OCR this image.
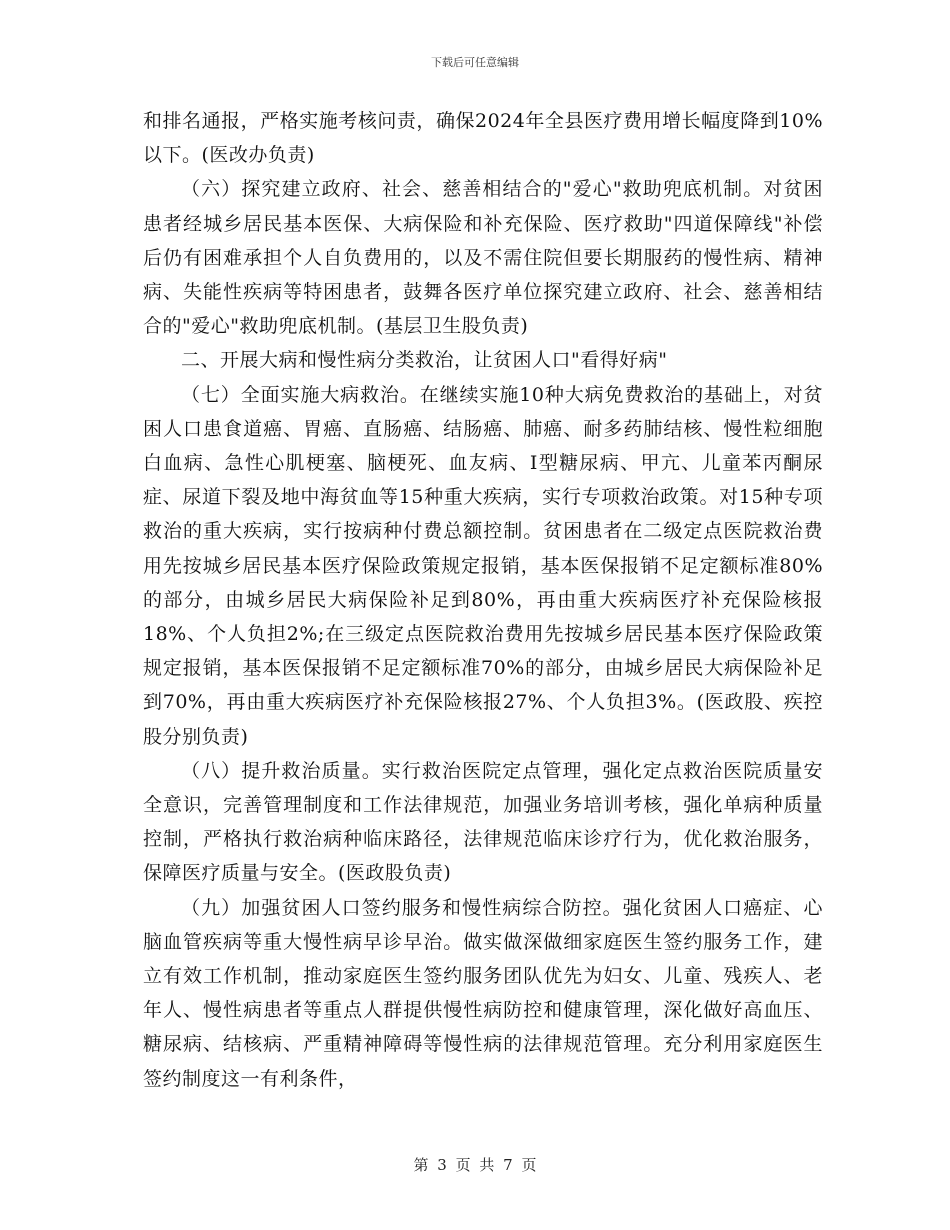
下载后可任意编辑

和排名通报，严格实施考核问责，确保2024年全县医疗费用增长幅度降到10%以下。(医改办负责)

（六）探究建立政府、社会、慈善相结合的"爱心"救助兜底机制。对贫困患者经城乡居民基本医保、大病保险和补充保险、医疗救助"四道保障线"补偿后仍有困难承担个人自负费用的，以及不需住院但要长期服药的慢性病、精神病、失能性疾病等特困患者，鼓舞各医疗单位探究建立政府、社会、慈善相结合的"爱心"救助兜底机制。(基层卫生股负责)

二、开展大病和慢性病分类救治，让贫困人口"看得好病"

（七）全面实施大病救治。在继续实施10种大病免费救治的基础上，对贫困人口患食道癌、胃癌、直肠癌、结肠癌、肺癌、耐多药肺结核、慢性粒细胞白血病、急性心肌梗塞、脑梗死、血友病、Ⅰ型糖尿病、甲亢、儿童苯丙酮尿症、尿道下裂及地中海贫血等15种重大疾病，实行专项救治政策。对15种专项救治的重大疾病，实行按病种付费总额控制。贫困患者在二级定点医院救治费用先按城乡居民基本医疗保险政策规定报销，基本医保报销不足定额标准80%的部分，由城乡居民大病保险补足到80%，再由重大疾病医疗补充保险核报18%、个人负担2%;在三级定点医院救治费用先按城乡居民基本医疗保险政策规定报销，基本医保报销不足定额标准70%的部分，由城乡居民大病保险补足到70%，再由重大疾病医疗补充保险核报27%、个人负担3%。(医政股、疾控股分别负责)

（八）提升救治质量。实行救治医院定点管理，强化定点救治医院质量安全意识，完善管理制度和工作法律规范，加强业务培训考核，强化单病种质量控制，严格执行救治病种临床路径，法律规范临床诊疗行为，优化救治服务，保障医疗质量与安全。(医政股负责)

（九）加强贫困人口签约服务和慢性病综合防控。强化贫困人口癌症、心脑血管疾病等重大慢性病早诊早治。做实做深做细家庭医生签约服务工作，建立有效工作机制，推动家庭医生签约服务团队优先为妇女、儿童、残疾人、老年人、慢性病患者等重点人群提供慢性病防控和健康管理，深化做好高血压、糖尿病、结核病、严重精神障碍等慢性病的法律规范管理。充分利用家庭医生签约制度这一有利条件，

第 3 页 共 7 页
